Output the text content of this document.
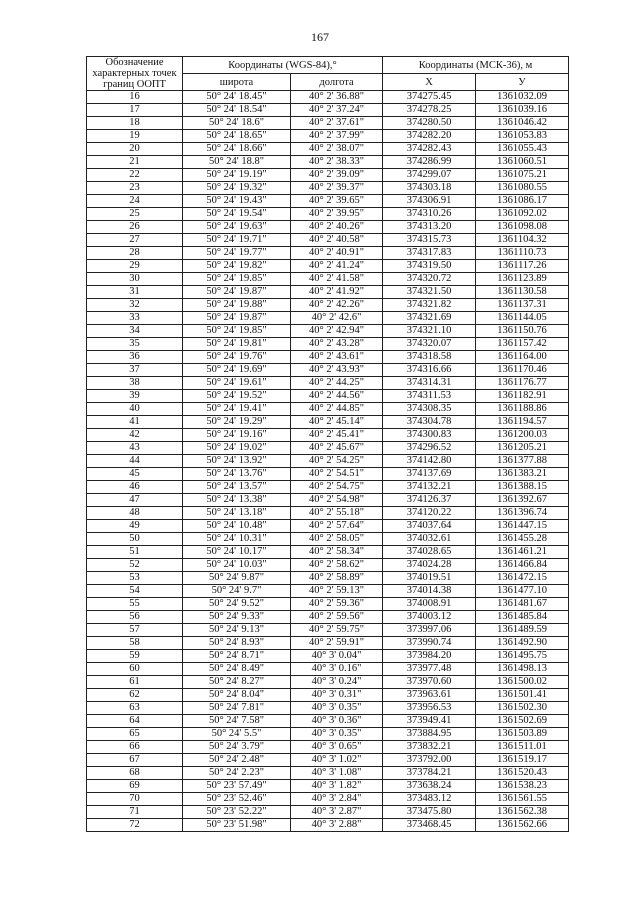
167
Обозначение характерных точек границ ООПТ	Координаты (WGS-84),°		Координаты (МСК-36), м	
	широта	долгота	X	У
16	50° 24' 18.45"	40° 2' 36.88"	374275.45	1361032.09
17	50° 24' 18.54"	40° 2' 37.24"	374278.25	1361039.16
18	50° 24' 18.6"	40° 2' 37.61"	374280.50	1361046.42
19	50° 24' 18.65"	40° 2' 37.99"	374282.20	1361053.83
20	50° 24' 18.66"	40° 2' 38.07"	374282.43	1361055.43
21	50° 24' 18.8"	40° 2' 38.33"	374286.99	1361060.51
22	50° 24' 19.19"	40° 2' 39.09"	374299.07	1361075.21
23	50° 24' 19.32"	40° 2' 39.37"	374303.18	1361080.55
24	50° 24' 19.43"	40° 2' 39.65"	374306.91	1361086.17
25	50° 24' 19.54"	40° 2' 39.95"	374310.26	1361092.02
26	50° 24' 19.63"	40° 2' 40.26"	374313.20	1361098.08
27	50° 24' 19.71"	40° 2' 40.58"	374315.73	1361104.32
28	50° 24' 19.77"	40° 2' 40.91"	374317.83	1361110.73
29	50° 24' 19.82"	40° 2' 41.24"	374319.50	1361117.26
30	50° 24' 19.85"	40° 2' 41.58"	374320.72	1361123.89
31	50° 24' 19.87"	40° 2' 41.92"	374321.50	1361130.58
32	50° 24' 19.88"	40° 2' 42.26"	374321.82	1361137.31
33	50° 24' 19.87"	40° 2' 42.6"	374321.69	1361144.05
34	50° 24' 19.85"	40° 2' 42.94"	374321.10	1361150.76
35	50° 24' 19.81"	40° 2' 43.28"	374320.07	1361157.42
36	50° 24' 19.76"	40° 2' 43.61"	374318.58	1361164.00
37	50° 24' 19.69"	40° 2' 43.93"	374316.66	1361170.46
38	50° 24' 19.61"	40° 2' 44.25"	374314.31	1361176.77
39	50° 24' 19.52"	40° 2' 44.56"	374311.53	1361182.91
40	50° 24' 19.41"	40° 2' 44.85"	374308.35	1361188.86
41	50° 24' 19.29"	40° 2' 45.14"	374304.78	1361194.57
42	50° 24' 19.16"	40° 2' 45.41"	374300.83	1361200.03
43	50° 24' 19.02"	40° 2' 45.67"	374296.52	1361205.21
44	50° 24' 13.92"	40° 2' 54.25"	374142.80	1361377.88
45	50° 24' 13.76"	40° 2' 54.51"	374137.69	1361383.21
46	50° 24' 13.57"	40° 2' 54.75"	374132.21	1361388.15
47	50° 24' 13.38"	40° 2' 54.98"	374126.37	1361392.67
48	50° 24' 13.18"	40° 2' 55.18"	374120.22	1361396.74
49	50° 24' 10.48"	40° 2' 57.64"	374037.64	1361447.15
50	50° 24' 10.31"	40° 2' 58.05"	374032.61	1361455.28
51	50° 24' 10.17"	40° 2' 58.34"	374028.65	1361461.21
52	50° 24' 10.03"	40° 2' 58.62"	374024.28	1361466.84
53	50° 24' 9.87"	40° 2' 58.89"	374019.51	1361472.15
54	50° 24' 9.7"	40° 2' 59.13"	374014.38	1361477.10
55	50° 24' 9.52"	40° 2' 59.36"	374008.91	1361481.67
56	50° 24' 9.33"	40° 2' 59.56"	374003.12	1361485.84
57	50° 24' 9.13"	40° 2' 59.75"	373997.06	1361489.59
58	50° 24' 8.93"	40° 2' 59.91"	373990.74	1361492.90
59	50° 24' 8.71"	40° 3' 0.04"	373984.20	1361495.75
60	50° 24' 8.49"	40° 3' 0.16"	373977.48	1361498.13
61	50° 24' 8.27"	40° 3' 0.24"	373970.60	1361500.02
62	50° 24' 8.04"	40° 3' 0.31"	373963.61	1361501.41
63	50° 24' 7.81"	40° 3' 0.35"	373956.53	1361502.30
64	50° 24' 7.58"	40° 3' 0.36"	373949.41	1361502.69
65	50° 24' 5.5"	40° 3' 0.35"	373884.95	1361503.89
66	50° 24' 3.79"	40° 3' 0.65"	373832.21	1361511.01
67	50° 24' 2.48"	40° 3' 1.02"	373792.00	1361519.17
68	50° 24' 2.23"	40° 3' 1.08"	373784.21	1361520.43
69	50° 23' 57.49"	40° 3' 1.82"	373638.24	1361538.23
70	50° 23' 52.46"	40° 3' 2.84"	373483.12	1361561.55
71	50° 23' 52.22"	40° 3' 2.87"	373475.80	1361562.38
72	50° 23' 51.98"	40° 3' 2.88"	373468.45	1361562.66
